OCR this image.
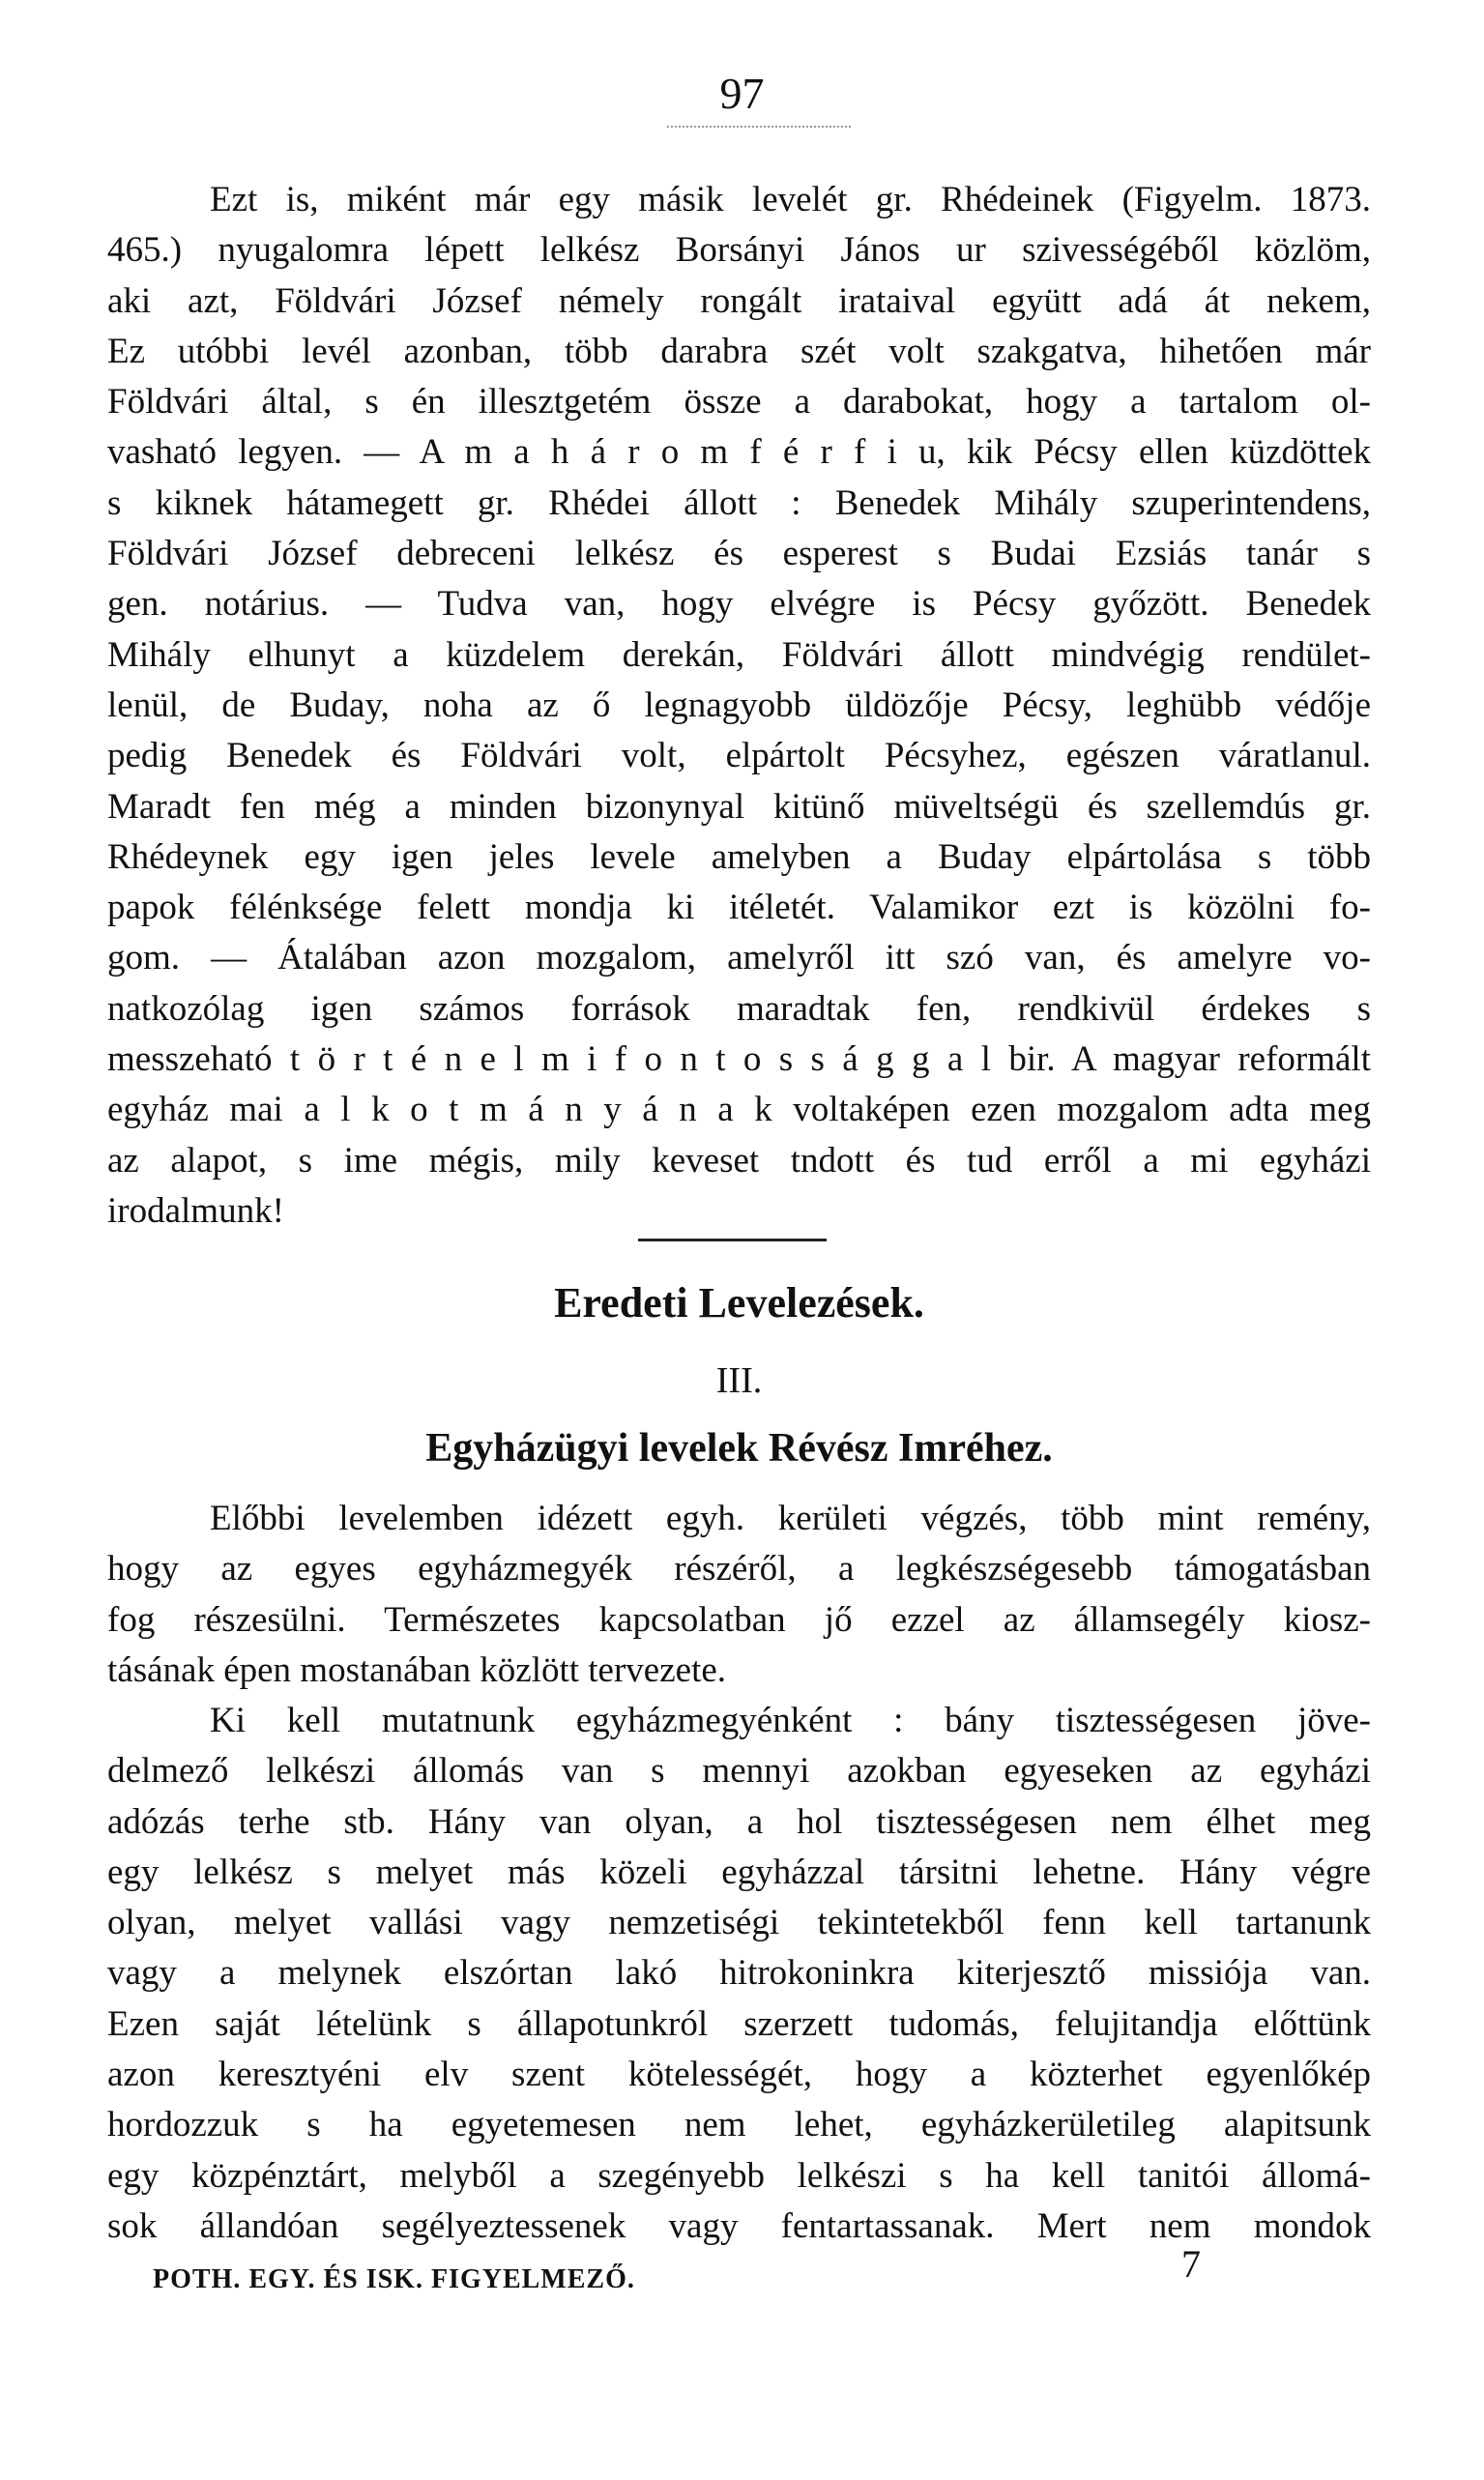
97
Ezt is, miként már egy másik levelét gr. Rhédeinek (Figyelm. 1873.
465.) nyugalomra lépett lelkész Borsányi János ur szivességéből közlöm,
aki azt, Földvári József némely rongált irataival együtt adá át nekem,
Ez utóbbi levél azonban, több darabra szét volt szakgatva, hihetően már
Földvári által, s én illesztgetém össze a darabokat, hogy a tartalom ol-
vasható legyen. — A m a h á r o m f é r f i u, kik Pécsy ellen küzdöttek
s kiknek hátamegett gr. Rhédei állott : Benedek Mihály szuperintendens,
Földvári József debreceni lelkész és esperest s Budai Ezsiás tanár s
gen. notárius. — Tudva van, hogy elvégre is Pécsy győzött. Benedek
Mihály elhunyt a küzdelem derekán, Földvári állott mindvégig rendület-
lenül, de Buday, noha az ő legnagyobb üldözője Pécsy, leghübb védője
pedig Benedek és Földvári volt, elpártolt Pécsyhez, egészen váratlanul.
Maradt fen még a minden bizonynyal kitünő müveltségü és szellemdús gr.
Rhédeynek egy igen jeles levele amelyben a Buday elpártolása s több
papok félénksége felett mondja ki itéletét. Valamikor ezt is közölni fo-
gom. — Átalában azon mozgalom, amelyről itt szó van, és amelyre vo-
natkozólag igen számos források maradtak fen, rendkivül érdekes s
messzeható t ö r t é n e l m i f o n t o s s á g g a l bir. A magyar reformált
egyház mai a l k o t m á n y á n a k voltaképen ezen mozgalom adta meg
az alapot, s ime mégis, mily keveset tndott és tud erről a mi egyházi
irodalmunk!
Eredeti Levelezések.
III.
Egyházügyi levelek Révész Imréhez.
Előbbi levelemben idézett egyh. kerületi végzés, több mint remény,
hogy az egyes egyházmegyék részéről, a legkészségesebb támogatásban
fog részesülni. Természetes kapcsolatban jő ezzel az államsegély kiosz-
tásának épen mostanában közlött tervezete.
Ki kell mutatnunk egyházmegyénként : bány tisztességesen jöve-
delmező lelkészi állomás van s mennyi azokban egyeseken az egyházi
adózás terhe stb. Hány van olyan, a hol tisztességesen nem élhet meg
egy lelkész s melyet más közeli egyházzal társitni lehetne. Hány végre
olyan, melyet vallási vagy nemzetiségi tekintetekből fenn kell tartanunk
vagy a melynek elszórtan lakó hitrokoninkra kiterjesztő missiója van.
Ezen saját lételünk s állapotunkról szerzett tudomás, felujitandja előttünk
azon keresztyéni elv szent kötelességét, hogy a közterhet egyenlőkép
hordozzuk s ha egyetemesen nem lehet, egyházkerületileg alapitsunk
egy közpénztárt, melyből a szegényebb lelkészi s ha kell tanitói állomá-
sok állandóan segélyeztessenek vagy fentartassanak. Mert nem mondok
POTH. EGY. ÉS ISK. FIGYELMEZŐ.	7
